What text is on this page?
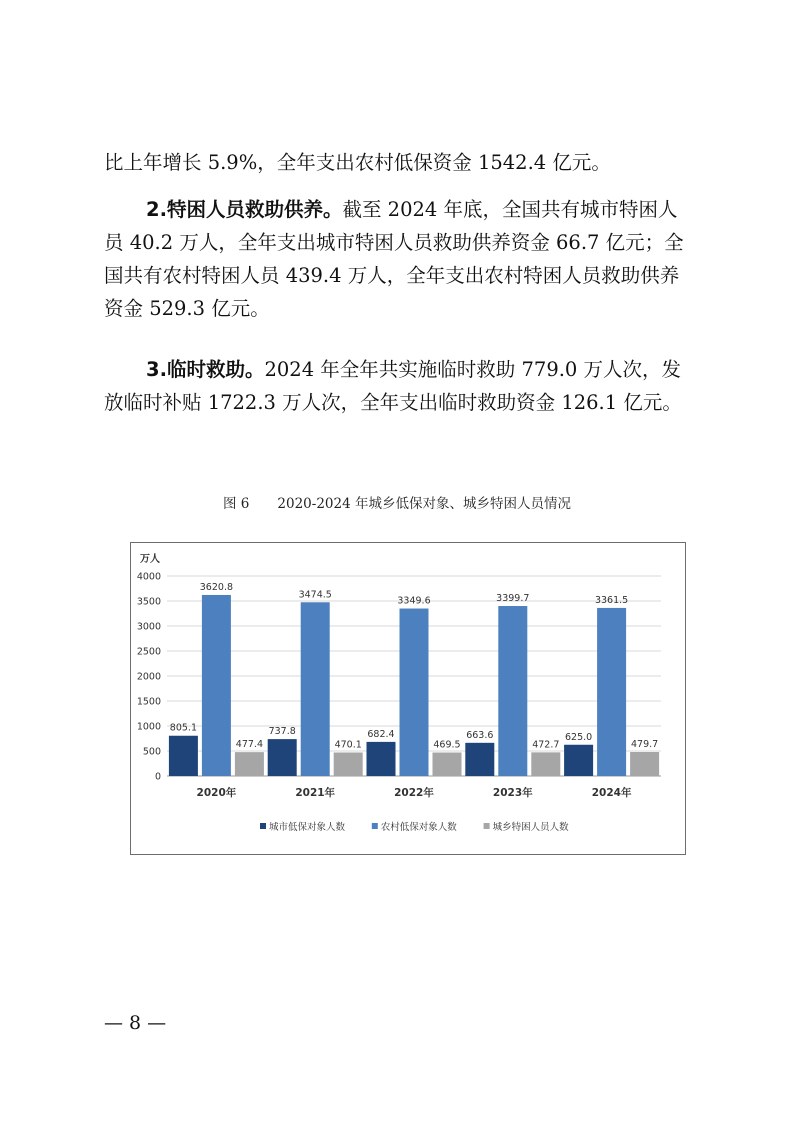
比上年增长 5.9%，全年支出农村低保资金 1542.4 亿元。

2.特困人员救助供养。截至 2024 年底，全国共有城市特困人员 40.2 万人，全年支出城市特困人员救助供养资金 66.7 亿元；全国共有农村特困人员 439.4 万人，全年支出农村特困人员救助供养资金 529.3 亿元。

3.临时救助。2024 年全年共实施临时救助 779.0 万人次，发放临时补贴 1722.3 万人次，全年支出临时救助资金 126.1 亿元。

图 6 2020-2024 年城乡低保对象、城乡特困人员情况
万人
0
500
1000
1500
2000
2500
3000
3500
4000
805.1
3620.8
477.4
2020年
737.8
3474.5
470.1
2021年
682.4
3349.6
469.5
2022年
663.6
3399.7
472.7
2023年
625.0
3361.5
479.7
2024年
城市低保对象人数	农村低保对象人数	城乡特困人员人数
— 8 —
